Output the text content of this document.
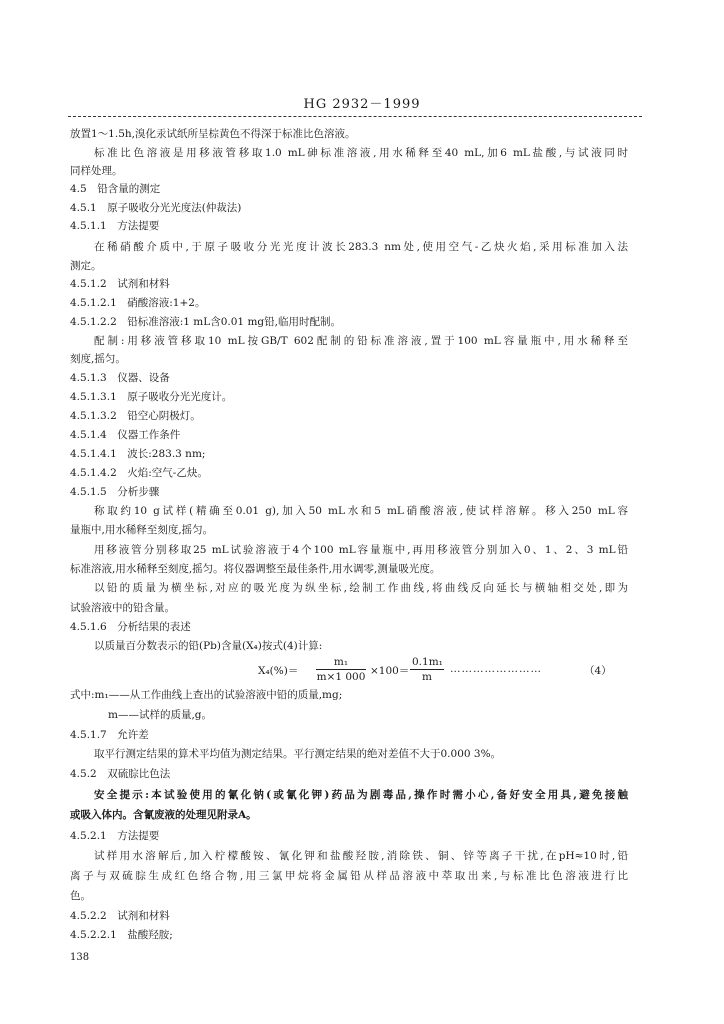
HG 2932－1999
放置1～1.5h,溴化汞试纸所呈棕黄色不得深于标准比色溶液。
标准比色溶液是用移液管移取1.0 mL砷标准溶液,用水稀释至40 mL,加6 mL盐酸,与试液同时
同样处理。
4.5　铅含量的测定
4.5.1　原子吸收分光光度法(仲裁法)
4.5.1.1　方法提要
在稀硝酸介质中,于原子吸收分光光度计波长283.3 nm处,使用空气-乙炔火焰,采用标准加入法
测定。
4.5.1.2　试剂和材料
4.5.1.2.1　硝酸溶液:1+2。
4.5.1.2.2　铅标准溶液:1 mL含0.01 mg铅,临用时配制。
配制:用移液管移取10 mL按GB/T 602配制的铅标准溶液,置于100 mL容量瓶中,用水稀释至
刻度,摇匀。
4.5.1.3　仪器、设备
4.5.1.3.1　原子吸收分光光度计。
4.5.1.3.2　铅空心阴极灯。
4.5.1.4　仪器工作条件
4.5.1.4.1　波长:283.3 nm;
4.5.1.4.2　火焰:空气-乙炔。
4.5.1.5　分析步骤
称取约10 g试样(精确至0.01 g),加入50 mL水和5 mL硝酸溶液,使试样溶解。移入250 mL容
量瓶中,用水稀释至刻度,摇匀。
用移液管分别移取25 mL试验溶液于4个100 mL容量瓶中,再用移液管分别加入0、1、2、3 mL铅
标准溶液,用水稀释至刻度,摇匀。将仪器调整至最佳条件,用水调零,测量吸光度。
以铅的质量为横坐标,对应的吸光度为纵坐标,绘制工作曲线,将曲线反向延长与横轴相交处,即为
试验溶液中的铅含量。
4.5.1.6　分析结果的表述
以质量百分数表示的铅(Pb)含量(X₄)按式(4)计算:
$X_4(\%)= \frac{\text{m₁}}{m\times 1 000} \times 100= \frac{\text{0.1m₁}}{m}$ ……………………	（4）
式中:m₁——从工作曲线上查出的试验溶液中铅的质量,mg;
m——试样的质量,g。
4.5.1.7　允许差
取平行测定结果的算术平均值为测定结果。平行测定结果的绝对差值不大于0.000 3%。
4.5.2　双硫腙比色法
安全提示:本试验使用的氰化钠(或氰化钾)药品为剧毒品,操作时需小心,备好安全用具,避免接触
或吸入体内。含氰废液的处理见附录A。
4.5.2.1　方法提要
试样用水溶解后,加入柠檬酸铵、氰化钾和盐酸羟胺,消除铁、铜、锌等离子干扰,在pH≈10时,铅
离子与双硫腙生成红色络合物,用三氯甲烷将金属铅从样品溶液中萃取出来,与标准比色溶液进行比
色。
4.5.2.2　试剂和材料
4.5.2.2.1　盐酸羟胺;
138
